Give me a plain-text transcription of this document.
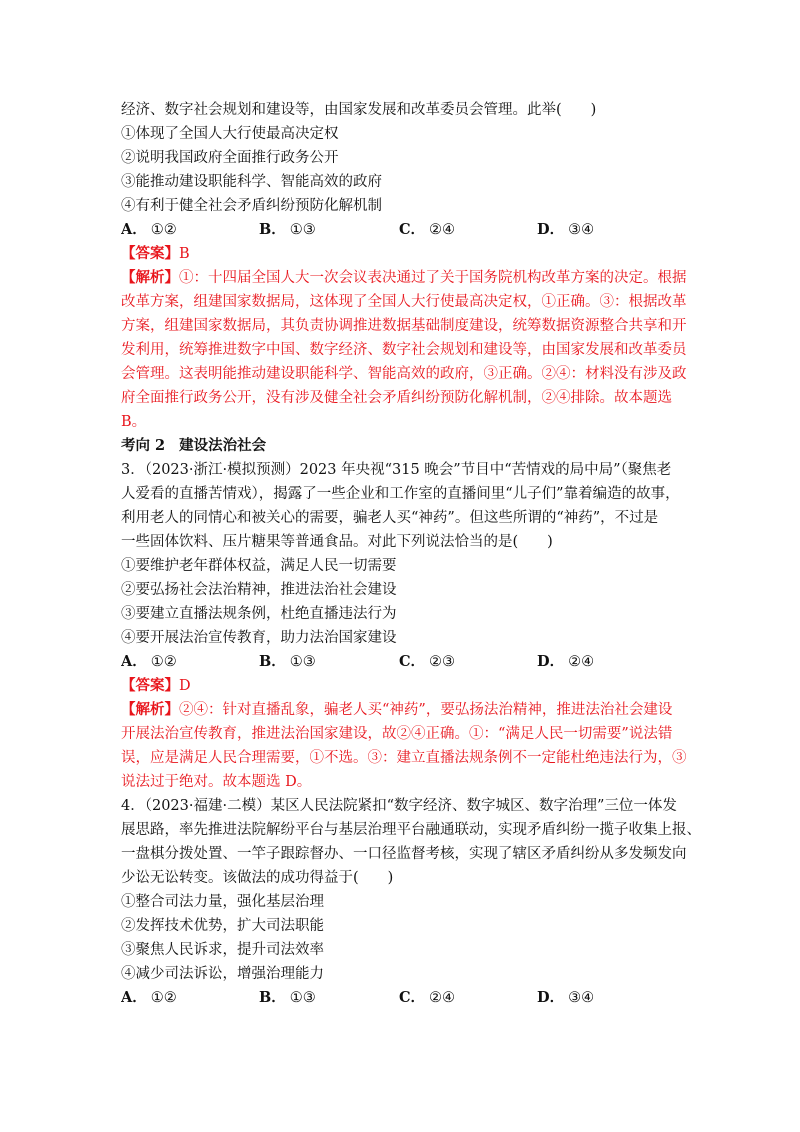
经济、数字社会规划和建设等，由国家发展和改革委员会管理。此举(　　)
①体现了全国人大行使最高决定权
②说明我国政府全面推行政务公开
③能推动建设职能科学、智能高效的政府
④有利于健全社会矛盾纠纷预防化解机制
A． ①②	B． ①③	C． ②④	D． ③④
【答案】B
【解析】①：十四届全国人大一次会议表决通过了关于国务院机构改革方案的决定。根据
改革方案，组建国家数据局，这体现了全国人大行使最高决定权，①正确。③：根据改革
方案，组建国家数据局，其负责协调推进数据基础制度建设，统筹数据资源整合共享和开
发利用，统筹推进数字中国、数字经济、数字社会规划和建设等，由国家发展和改革委员
会管理。这表明能推动建设职能科学、智能高效的政府，③正确。②④：材料没有涉及政
府全面推行政务公开，没有涉及健全社会矛盾纠纷预防化解机制，②④排除。故本题选
B。
考向 2 建设法治社会
3．（2023·浙江·模拟预测）2023 年央视“315 晚会”节目中“苦情戏的局中局”（聚焦老
人爱看的直播苦情戏），揭露了一些企业和工作室的直播间里“儿子们”靠着编造的故事，
利用老人的同情心和被关心的需要，骗老人买“神药”。但这些所谓的“神药”，不过是
一些固体饮料、压片糖果等普通食品。对此下列说法恰当的是(　　)
①要维护老年群体权益，满足人民一切需要
②要弘扬社会法治精神，推进法治社会建设
③要建立直播法规条例，杜绝直播违法行为
④要开展法治宣传教育，助力法治国家建设
A． ①②	B． ①③	C． ②③	D． ②④
【答案】D
【解析】②④：针对直播乱象，骗老人买“神药”，要弘扬法治精神，推进法治社会建设
开展法治宣传教育，推进法治国家建设，故②④正确。①：“满足人民一切需要”说法错
误，应是满足人民合理需要，①不选。③：建立直播法规条例不一定能杜绝违法行为，③
说法过于绝对。故本题选 D。
4．（2023·福建·二模）某区人民法院紧扣“数字经济、数字城区、数字治理”三位一体发
展思路，率先推进法院解纷平台与基层治理平台融通联动，实现矛盾纠纷一揽子收集上报、
一盘棋分拨处置、一竿子跟踪督办、一口径监督考核，实现了辖区矛盾纠纷从多发频发向
少讼无讼转变。该做法的成功得益于(　　)
①整合司法力量，强化基层治理
②发挥技术优势，扩大司法职能
③聚焦人民诉求，提升司法效率
④减少司法诉讼，增强治理能力
A． ①②	B． ①③	C． ②④	D． ③④
